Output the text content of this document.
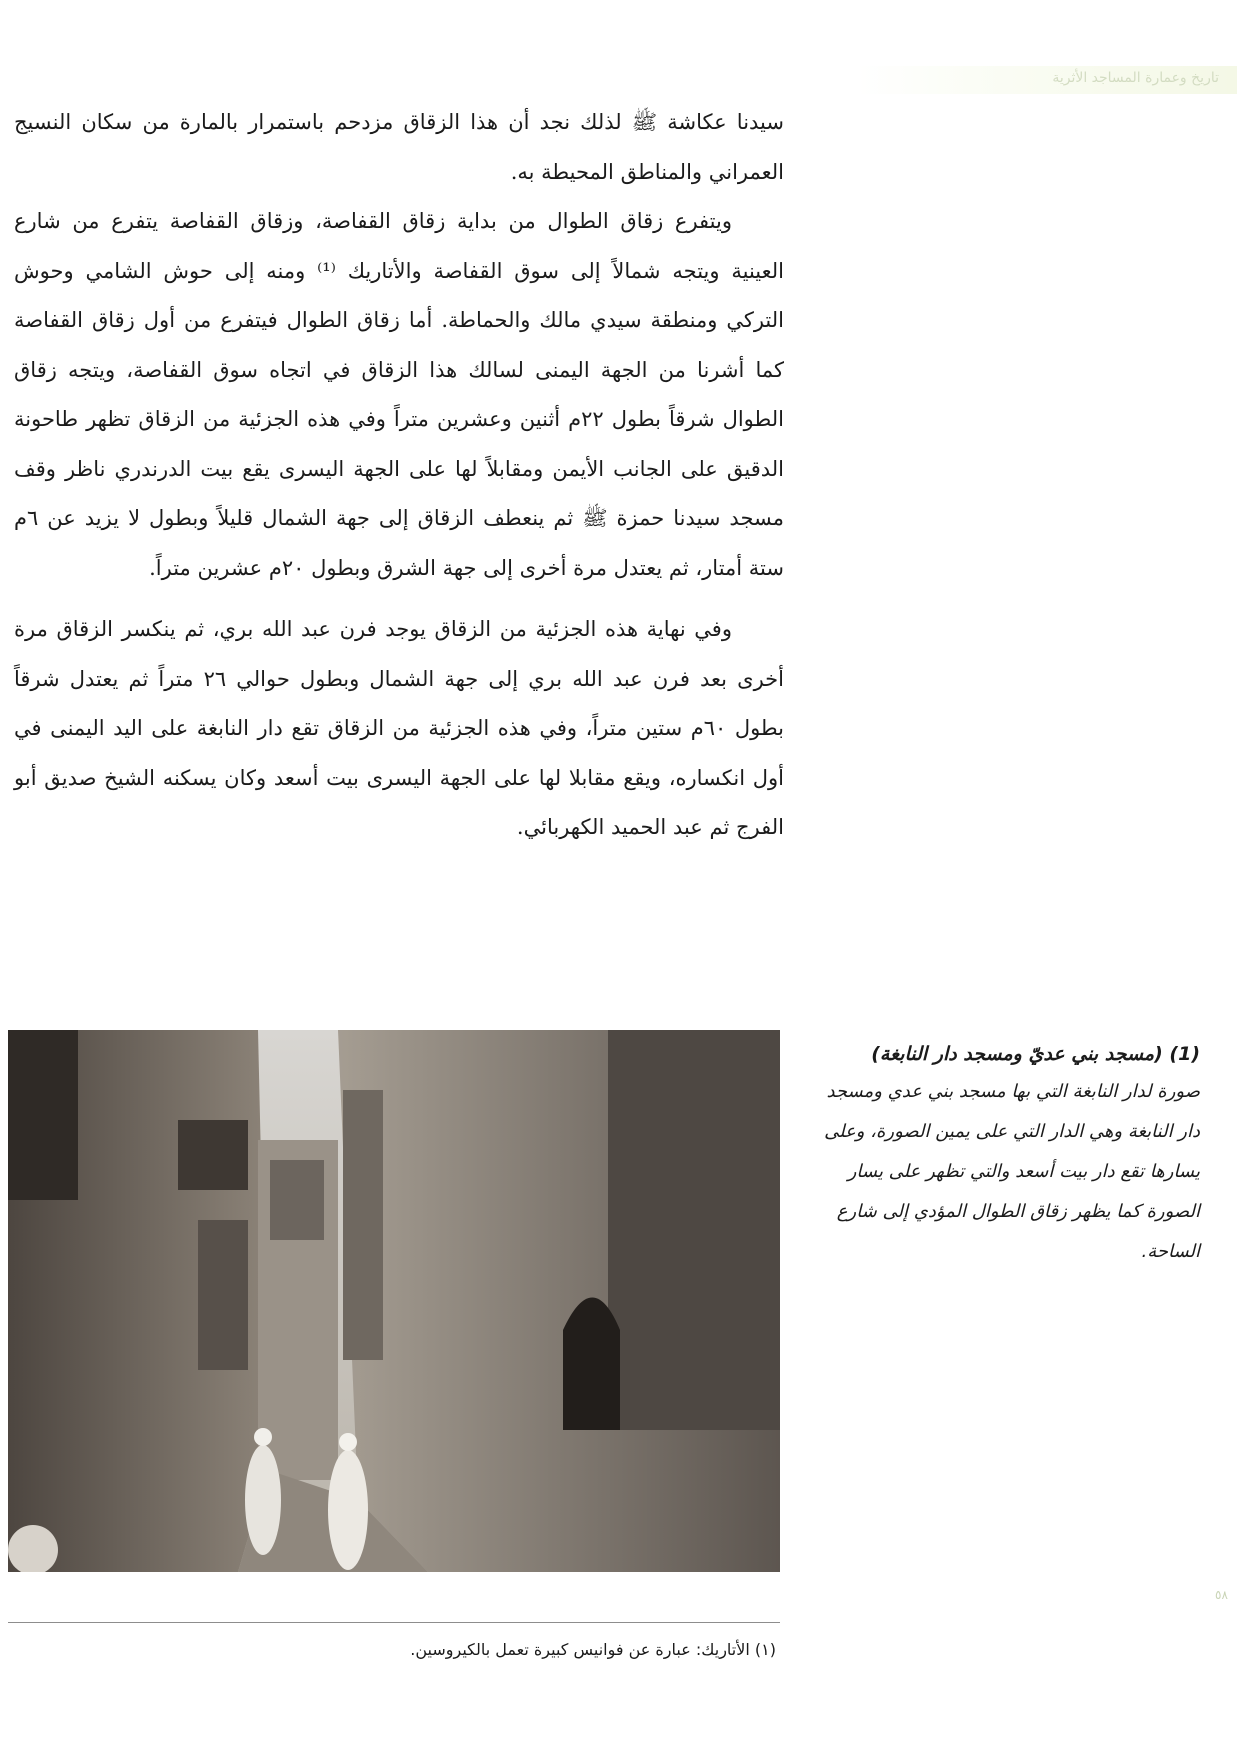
تاريخ وعمارة المساجد الأثرية

سيدنا عكاشة ﷺ لذلك نجد أن هذا الزقاق مزدحم باستمرار بالمارة من سكان النسيج العمراني والمناطق المحيطة به.

ويتفرع زقاق الطوال من بداية زقاق القفاصة، وزقاق القفاصة يتفرع من شارع العينية ويتجه شمالاً إلى سوق القفاصة والأتاريك ⁽¹⁾ ومنه إلى حوش الشامي وحوش التركي ومنطقة سيدي مالك والحماطة. أما زقاق الطوال فيتفرع من أول زقاق القفاصة كما أشرنا من الجهة اليمنى لسالك هذا الزقاق في اتجاه سوق القفاصة، ويتجه زقاق الطوال شرقاً بطول ٢٢م أثنين وعشرين متراً وفي هذه الجزئية من الزقاق تظهر طاحونة الدقيق على الجانب الأيمن ومقابلاً لها على الجهة اليسرى يقع بيت الدرندري ناظر وقف مسجد سيدنا حمزة ﷺ ثم ينعطف الزقاق إلى جهة الشمال قليلاً وبطول لا يزيد عن ٦م ستة أمتار، ثم يعتدل مرة أخرى إلى جهة الشرق وبطول ٢٠م عشرين متراً.

وفي نهاية هذه الجزئية من الزقاق يوجد فرن عبد الله بري، ثم ينكسر الزقاق مرة أخرى بعد فرن عبد الله بري إلى جهة الشمال وبطول حوالي ٢٦ متراً ثم يعتدل شرقاً بطول ٦٠م ستين متراً، وفي هذه الجزئية من الزقاق تقع دار النابغة على اليد اليمنى في أول انكساره، ويقع مقابلا لها على الجهة اليسرى بيت أسعد وكان يسكنه الشيخ صديق أبو الفرج ثم عبد الحميد الكهربائي.

(1) (مسجد بني عديّ ومسجد دار النابغة)

صورة لدار النابغة التي بها مسجد بني عدي ومسجد دار النابغة وهي الدار التي على يمين الصورة، وعلى يسارها تقع دار بيت أسعد والتي تظهر على يسار الصورة كما يظهر زقاق الطوال المؤدي إلى شارع الساحة.

٥٨
(١) الأتاريك: عبارة عن فوانيس كبيرة تعمل بالكيروسين.
